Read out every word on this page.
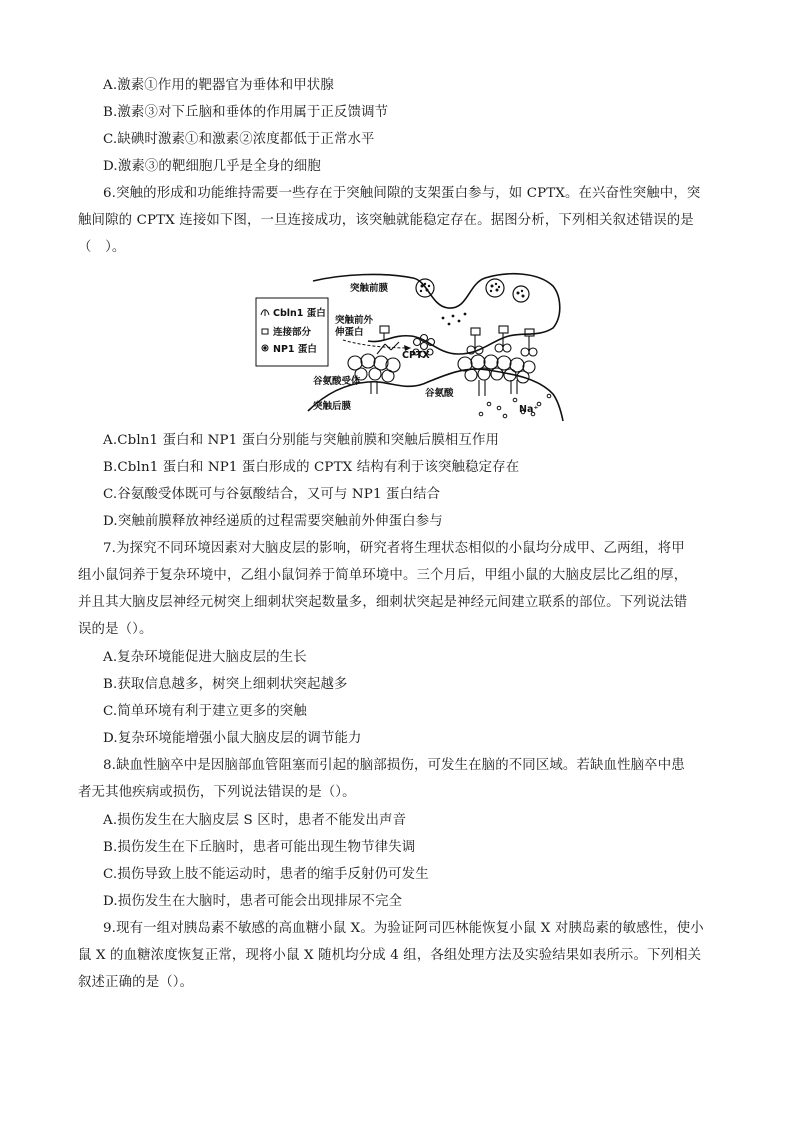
A.激素①作用的靶器官为垂体和甲状腺
B.激素③对下丘脑和垂体的作用属于正反馈调节
C.缺碘时激素①和激素②浓度都低于正常水平
D.激素③的靶细胞几乎是全身的细胞
6.突触的形成和功能维持需要一些存在于突触间隙的支架蛋白参与，如 CPTX。在兴奋性突触中，突
触间隙的 CPTX 连接如下图，一旦连接成功，该突触就能稳定存在。据图分析，下列相关叙述错误的是
（　）。
Cbln1 蛋白
连接部分
NP1 蛋白
突触前膜
突触前外
伸蛋白
CPTX
谷氨酸受体
突触后膜
谷氨酸
Na⁺
A.Cbln1 蛋白和 NP1 蛋白分别能与突触前膜和突触后膜相互作用
B.Cbln1 蛋白和 NP1 蛋白形成的 CPTX 结构有利于该突触稳定存在
C.谷氨酸受体既可与谷氨酸结合，又可与 NP1 蛋白结合
D.突触前膜释放神经递质的过程需要突触前外伸蛋白参与
7.为探究不同环境因素对大脑皮层的影响，研究者将生理状态相似的小鼠均分成甲、乙两组，将甲
组小鼠饲养于复杂环境中，乙组小鼠饲养于简单环境中。三个月后，甲组小鼠的大脑皮层比乙组的厚，
并且其大脑皮层神经元树突上细刺状突起数量多，细刺状突起是神经元间建立联系的部位。下列说法错
误的是（）。
A.复杂环境能促进大脑皮层的生长
B.获取信息越多，树突上细刺状突起越多
C.简单环境有利于建立更多的突触
D.复杂环境能增强小鼠大脑皮层的调节能力
8.缺血性脑卒中是因脑部血管阻塞而引起的脑部损伤，可发生在脑的不同区域。若缺血性脑卒中患
者无其他疾病或损伤，下列说法错误的是（）。
A.损伤发生在大脑皮层 S 区时，患者不能发出声音
B.损伤发生在下丘脑时，患者可能出现生物节律失调
C.损伤导致上肢不能运动时，患者的缩手反射仍可发生
D.损伤发生在大脑时，患者可能会出现排尿不完全
9.现有一组对胰岛素不敏感的高血糖小鼠 X。为验证阿司匹林能恢复小鼠 X 对胰岛素的敏感性，使小
鼠 X 的血糖浓度恢复正常，现将小鼠 X 随机均分成 4 组，各组处理方法及实验结果如表所示。下列相关
叙述正确的是（）。
